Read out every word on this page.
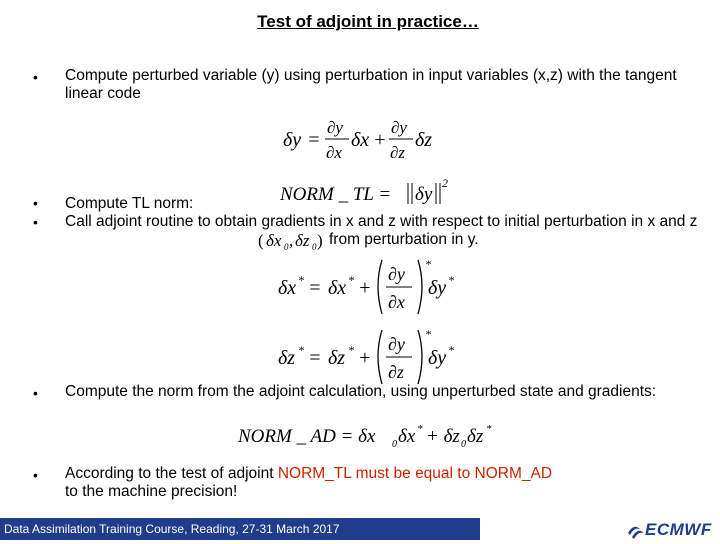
Test of adjoint in practice…
• Compute perturbed variable (y) using perturbation in input variables (x,z) with the tangent linear code
δy =
∂y
∂x
δx +
∂y
∂z
δz
• Compute TL norm:	NORM _ TL = δy
2
• Call adjoint routine to obtain gradients in x and z with respect to initial perturbation in x and z
( δx 0 , δz 0 ) from perturbation in y.
δx * = δx * +
∂y
∂x
*
δy *
δz * = δz * +
∂y
∂z
*
δy *
• Compute the norm from the adjoint calculation, using unperturbed state and gradients:
NORM _ AD = δx 0 δx * + δz 0 δz *
• According to the test of adjoint NORM_TL must be equal to NORM_AD
to the machine precision!
Data Assimilation Training Course, Reading, 27-31 March 2017	ECMWF
